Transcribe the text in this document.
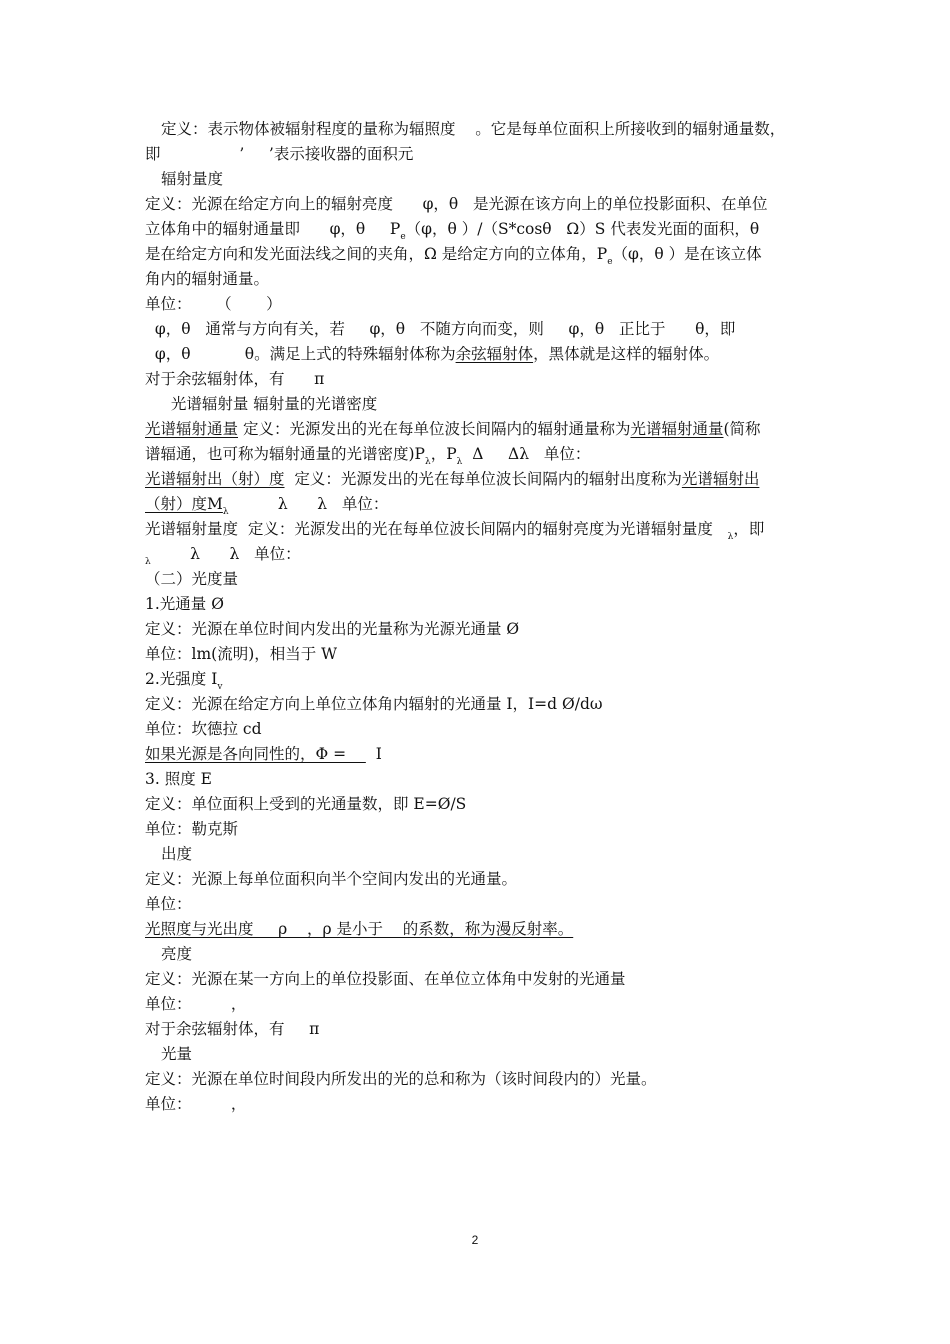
定义：表示物体被辐射程度的量称为辐照度    。它是每单位面积上所接收到的辐射通量数，
即                ’     ’表示接收器的面积元
辐射量度
定义：光源在给定方向上的辐射亮度      φ，θ   是光源在该方向上的单位投影面积、在单位
立体角中的辐射通量即      φ，θ     $P_e(\varphi$，θ ）/（S*cosθ   Ω）S 代表发光面的面积，θ
是在给定方向和发光面法线之间的夹角，Ω 是给定方向的立体角，$P_e(\varphi$，θ ）是在该立体
角内的辐射通量。
单位：     （       ）
φ，θ   通常与方向有关，若     φ，θ   不随方向而变，则     φ，θ   正比于      θ，即
φ，θ           θ。满足上式的特殊辐射体称为余弦辐射体，黑体就是这样的辐射体。
对于余弦辐射体，有      π
光谱辐射量 辐射量的光谱密度
光谱辐射通量 定义：光源发出的光在每单位波长间隔内的辐射通量称为光谱辐射通量(简称
谱辐通，也可称为辐射通量的光谱密度)$P_\lambda$，$P_\lambda$  Δ     Δλ   单位：
光谱辐射出（射）度  定义：光源发出的光在每单位波长间隔内的辐射出度称为光谱辐射出
（射）度$M_\lambda$          λ      λ   单位：
光谱辐射量度  定义：光源发出的光在每单位波长间隔内的辐射亮度为光谱辐射量度   $_\lambda$，即
$_\lambda$        λ      λ   单位：
（二）光度量
1.光通量 Ø
定义：光源在单位时间内发出的光量称为光源光通量 Ø
单位：lm(流明)，相当于 W
2.光强度 $I_v$
定义：光源在给定方向上单位立体角内辐射的光通量 I，I=d Ø/dω
单位：坎德拉 cd
如果光源是各向同性的，Φ =      I
3. 照度 E
定义：单位面积上受到的光通量数，即 E=Ø/S
单位：勒克斯
出度
定义：光源上每单位面积向半个空间内发出的光通量。
单位：
光照度与光出度     ρ    ，ρ 是小于    的系数，称为漫反射率。
亮度
定义：光源在某一方向上的单位投影面、在单位立体角中发射的光通量
单位：        ，
对于余弦辐射体，有     π
光量
定义：光源在单位时间段内所发出的光的总和称为（该时间段内的）光量。
单位：        ，
2
